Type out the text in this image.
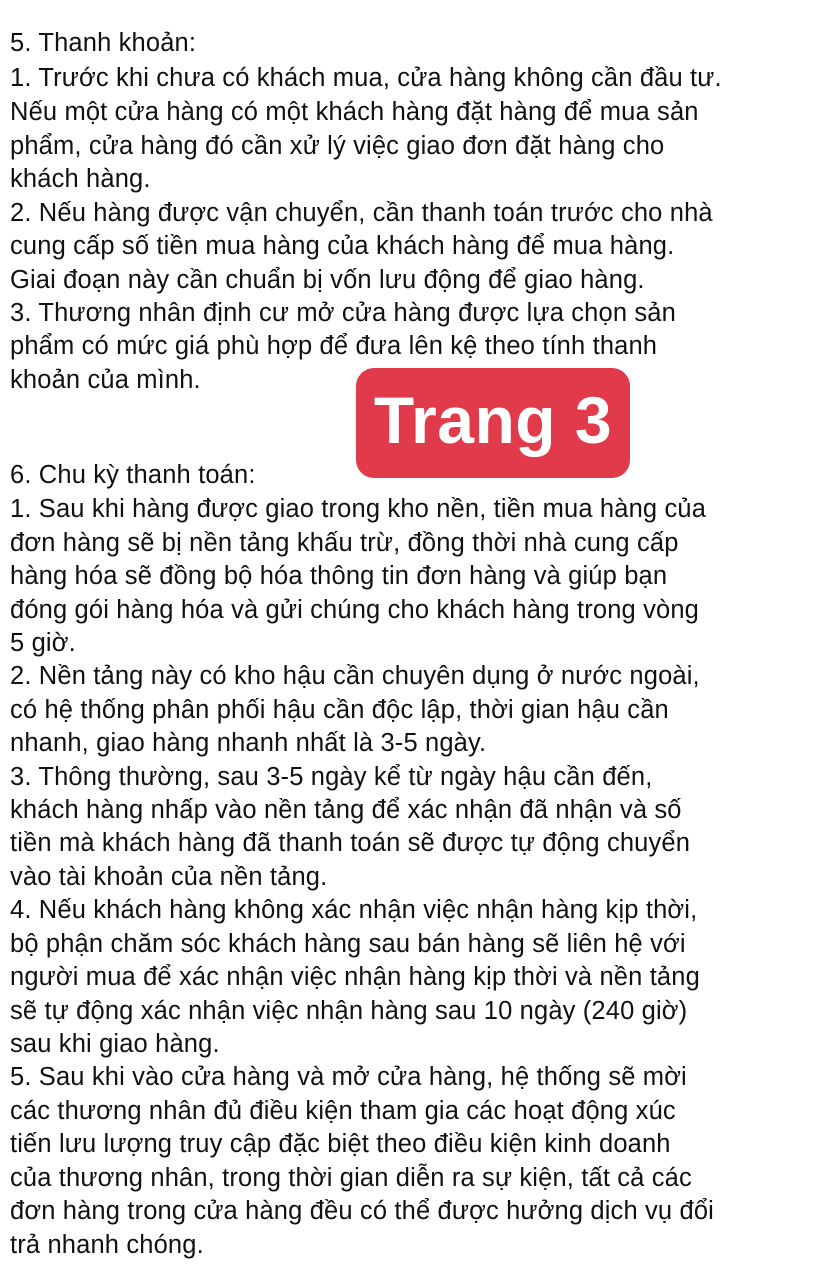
5. Thanh khoản:
1. Trước khi chưa có khách mua, cửa hàng không cần đầu tư.
Nếu một cửa hàng có một khách hàng đặt hàng để mua sản
phẩm, cửa hàng đó cần xử lý việc giao đơn đặt hàng cho
khách hàng.
2. Nếu hàng được vận chuyển, cần thanh toán trước cho nhà
cung cấp số tiền mua hàng của khách hàng để mua hàng.
Giai đoạn này cần chuẩn bị vốn lưu động để giao hàng.
3. Thương nhân định cư mở cửa hàng được lựa chọn sản
phẩm có mức giá phù hợp để đưa lên kệ theo tính thanh
khoản của mình.
Trang 3
6. Chu kỳ thanh toán:
1. Sau khi hàng được giao trong kho nền, tiền mua hàng của
đơn hàng sẽ bị nền tảng khấu trừ, đồng thời nhà cung cấp
hàng hóa sẽ đồng bộ hóa thông tin đơn hàng và giúp bạn
đóng gói hàng hóa và gửi chúng cho khách hàng trong vòng
5 giờ.
2. Nền tảng này có kho hậu cần chuyên dụng ở nước ngoài,
có hệ thống phân phối hậu cần độc lập, thời gian hậu cần
nhanh, giao hàng nhanh nhất là 3-5 ngày.
3. Thông thường, sau 3-5 ngày kể từ ngày hậu cần đến,
khách hàng nhấp vào nền tảng để xác nhận đã nhận và số
tiền mà khách hàng đã thanh toán sẽ được tự động chuyển
vào tài khoản của nền tảng.
4. Nếu khách hàng không xác nhận việc nhận hàng kịp thời,
bộ phận chăm sóc khách hàng sau bán hàng sẽ liên hệ với
người mua để xác nhận việc nhận hàng kịp thời và nền tảng
sẽ tự động xác nhận việc nhận hàng sau 10 ngày (240 giờ)
sau khi giao hàng.
5. Sau khi vào cửa hàng và mở cửa hàng, hệ thống sẽ mời
các thương nhân đủ điều kiện tham gia các hoạt động xúc
tiến lưu lượng truy cập đặc biệt theo điều kiện kinh doanh
của thương nhân, trong thời gian diễn ra sự kiện, tất cả các
đơn hàng trong cửa hàng đều có thể được hưởng dịch vụ đổi
trả nhanh chóng.
